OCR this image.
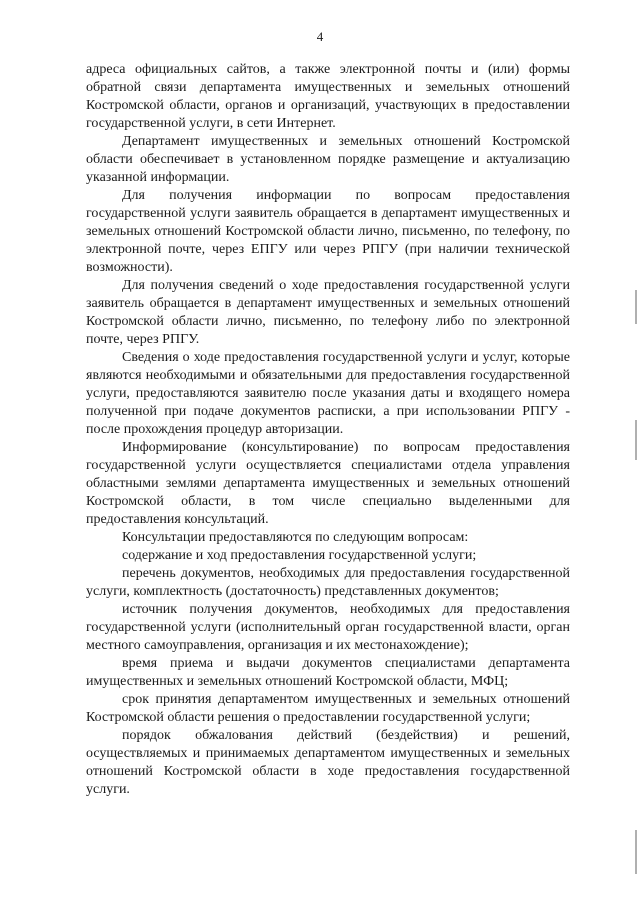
4

адреса официальных сайтов, а также электронной почты и (или) формы обратной связи департамента имущественных и земельных отношений Костромской области, органов и организаций, участвующих в предоставлении государственной услуги, в сети Интернет.

Департамент имущественных и земельных отношений Костромской области обеспечивает в установленном порядке размещение и актуализацию указанной информации.

Для получения информации по вопросам предоставления государственной услуги заявитель обращается в департамент имущественных и земельных отношений Костромской области лично, письменно, по телефону, по электронной почте, через ЕПГУ или через РПГУ (при наличии технической возможности).

Для получения сведений о ходе предоставления государственной услуги заявитель обращается в департамент имущественных и земельных отношений Костромской области лично, письменно, по телефону либо по электронной почте, через РПГУ.

Сведения о ходе предоставления государственной услуги и услуг, которые являются необходимыми и обязательными для предоставления государственной услуги, предоставляются заявителю после указания даты и входящего номера полученной при подаче документов расписки, а при использовании РПГУ - после прохождения процедур авторизации.

Информирование (консультирование) по вопросам предоставления государственной услуги осуществляется специалистами отдела управления областными землями департамента имущественных и земельных отношений Костромской области, в том числе специально выделенными для предоставления консультаций.

Консультации предоставляются по следующим вопросам:

содержание и ход предоставления государственной услуги;

перечень документов, необходимых для предоставления государственной услуги, комплектность (достаточность) представленных документов;

источник получения документов, необходимых для предоставления государственной услуги (исполнительный орган государственной власти, орган местного самоуправления, организация и их местонахождение);

время приема и выдачи документов специалистами департамента имущественных и земельных отношений Костромской области, МФЦ;

срок принятия департаментом имущественных и земельных отношений Костромской области решения о предоставлении государственной услуги;

порядок обжалования действий (бездействия) и решений, осуществляемых и принимаемых департаментом имущественных и земельных отношений Костромской области в ходе предоставления государственной услуги.
